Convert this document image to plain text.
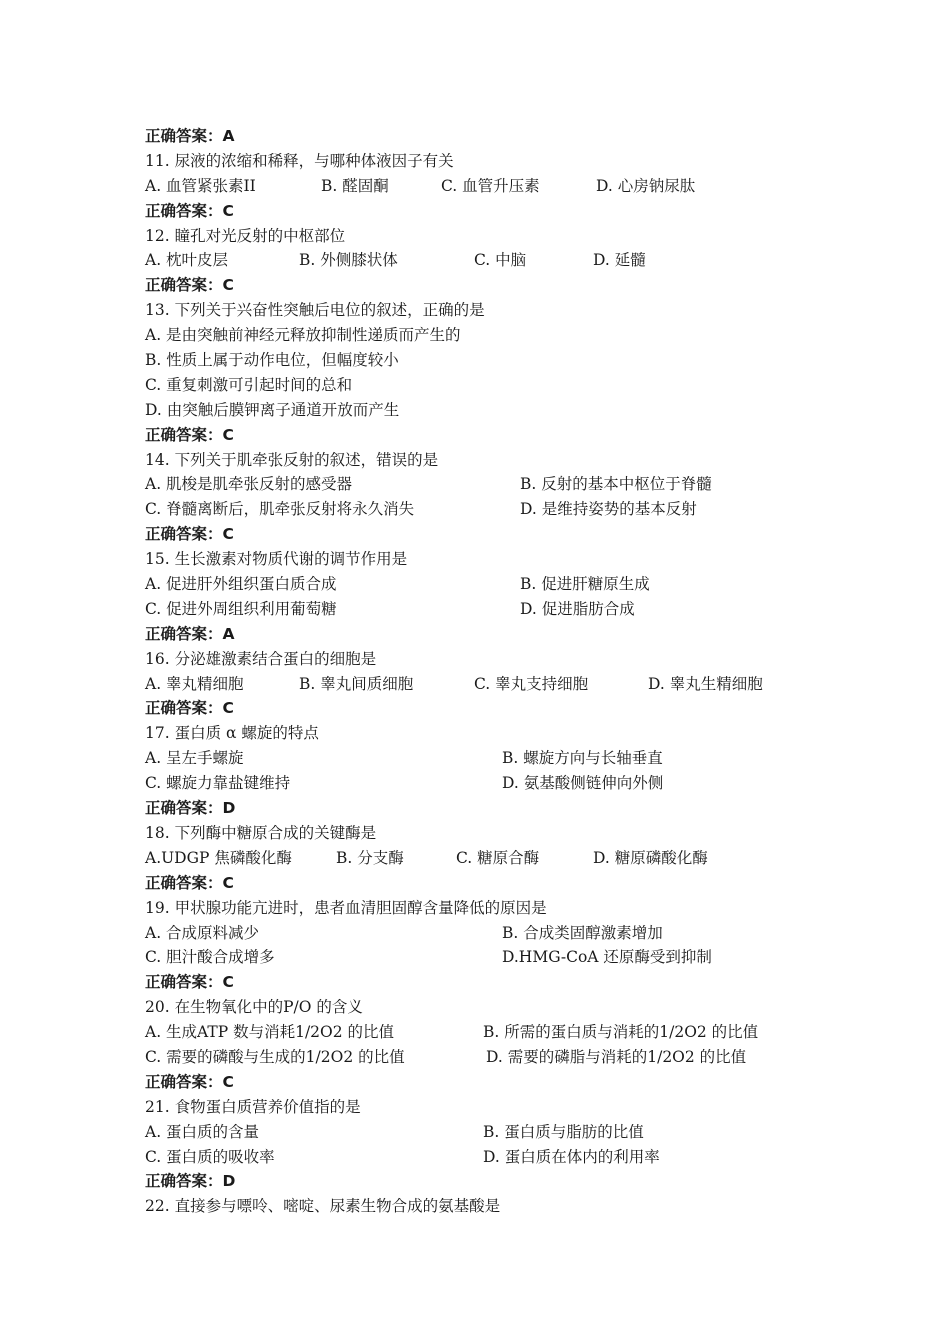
正确答案：A
11. 尿液的浓缩和稀释，与哪种体液因子有关
A. 血管紧张素II	B. 醛固酮	C. 血管升压素	D. 心房钠尿肽
正确答案：C
12. 瞳孔对光反射的中枢部位
A. 枕叶皮层	B. 外侧膝状体	C. 中脑	D. 延髓
正确答案：C
13. 下列关于兴奋性突触后电位的叙述，正确的是
A. 是由突触前神经元释放抑制性递质而产生的
B. 性质上属于动作电位，但幅度较小
C. 重复刺激可引起时间的总和
D. 由突触后膜钾离子通道开放而产生
正确答案：C
14. 下列关于肌牵张反射的叙述，错误的是
A. 肌梭是肌牵张反射的感受器	B. 反射的基本中枢位于脊髓
C. 脊髓离断后，肌牵张反射将永久消失	D. 是维持姿势的基本反射
正确答案：C
15. 生长激素对物质代谢的调节作用是
A. 促进肝外组织蛋白质合成	B. 促进肝糖原生成
C. 促进外周组织利用葡萄糖	D. 促进脂肪合成
正确答案：A
16. 分泌雄激素结合蛋白的细胞是
A. 睾丸精细胞	B. 睾丸间质细胞	C. 睾丸支持细胞	D. 睾丸生精细胞
正确答案：C
17. 蛋白质 α 螺旋的特点
A. 呈左手螺旋	B. 螺旋方向与长轴垂直
C. 螺旋力靠盐键维持	D. 氨基酸侧链伸向外侧
正确答案：D
18. 下列酶中糖原合成的关键酶是
A.UDGP 焦磷酸化酶	B. 分支酶	C. 糖原合酶	D. 糖原磷酸化酶
正确答案：C
19. 甲状腺功能亢进时，患者血清胆固醇含量降低的原因是
A. 合成原料减少	B. 合成类固醇激素增加
C. 胆汁酸合成增多	D.HMG-CoA 还原酶受到抑制
正确答案：C
20. 在生物氧化中的P/O 的含义
A. 生成ATP 数与消耗1/2O2 的比值	B. 所需的蛋白质与消耗的1/2O2 的比值
C. 需要的磷酸与生成的1/2O2 的比值	D. 需要的磷脂与消耗的1/2O2 的比值
正确答案：C
21. 食物蛋白质营养价值指的是
A. 蛋白质的含量	B. 蛋白质与脂肪的比值
C. 蛋白质的吸收率	D. 蛋白质在体内的利用率
正确答案：D
22. 直接参与嘌呤、嘧啶、尿素生物合成的氨基酸是
